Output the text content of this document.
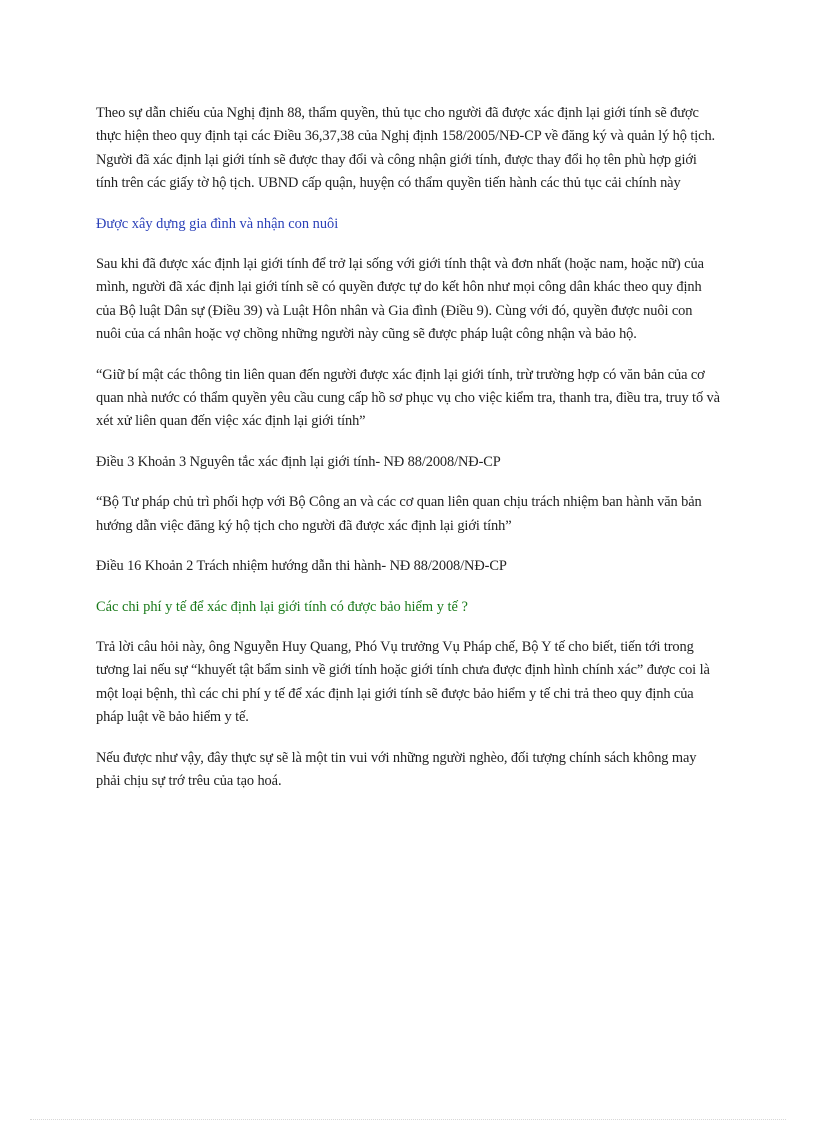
Theo sự dẫn chiếu của Nghị định 88, thẩm quyền, thủ tục cho người đã được xác định lại giới tính sẽ được thực hiện theo quy định tại các Điều 36,37,38 của Nghị định 158/2005/NĐ-CP về đăng ký và quản lý hộ tịch. Người đã xác định lại giới tính sẽ được thay đổi và công nhận giới tính, được thay đổi họ tên phù hợp giới tính trên các giấy tờ hộ tịch. UBND cấp quận, huyện có thẩm quyền tiến hành các thủ tục cải chính này

Được xây dựng gia đình và nhận con nuôi

Sau khi đã được xác định lại giới tính để trở lại sống với giới tính thật và đơn nhất (hoặc nam, hoặc nữ) của mình, người đã xác định lại giới tính sẽ có quyền được tự do kết hôn như mọi công dân khác theo quy định của Bộ luật Dân sự (Điều 39) và Luật Hôn nhân và Gia đình (Điều 9). Cùng với đó, quyền được nuôi con nuôi của cá nhân hoặc vợ chồng những người này cũng sẽ được pháp luật công nhận và bảo hộ.

“Giữ bí mật các thông tin liên quan đến người được xác định lại giới tính, trừ trường hợp có văn bản của cơ quan nhà nước có thẩm quyền yêu cầu cung cấp hồ sơ phục vụ cho việc kiểm tra, thanh tra, điều tra, truy tố và xét xử liên quan đến việc xác định lại giới tính”

Điều 3 Khoản 3 Nguyên tắc xác định lại giới tính- NĐ 88/2008/NĐ-CP

“Bộ Tư pháp chủ trì phối hợp với Bộ Công an và các cơ quan liên quan chịu trách nhiệm ban hành văn bản hướng dẫn việc đăng ký hộ tịch cho người đã được xác định lại giới tính”

Điều 16 Khoản 2 Trách nhiệm hướng dẫn thi hành- NĐ 88/2008/NĐ-CP

Các chi phí y tế để xác định lại giới tính có được bảo hiểm y tế ?

Trả lời câu hỏi này, ông Nguyễn Huy Quang, Phó Vụ trưởng Vụ Pháp chế, Bộ Y tế cho biết, tiến tới trong tương lai nếu sự “khuyết tật bẩm sinh về giới tính hoặc giới tính chưa được định hình chính xác” được coi là một loại bệnh, thì các chi phí y tế để xác định lại giới tính sẽ được bảo hiểm y tế chi trả theo quy định của pháp luật về bảo hiểm y tế.

Nếu được như vậy, đây thực sự sẽ là một tin vui với những người nghèo, đối tượng chính sách không may phải chịu sự trớ trêu của tạo hoá.
